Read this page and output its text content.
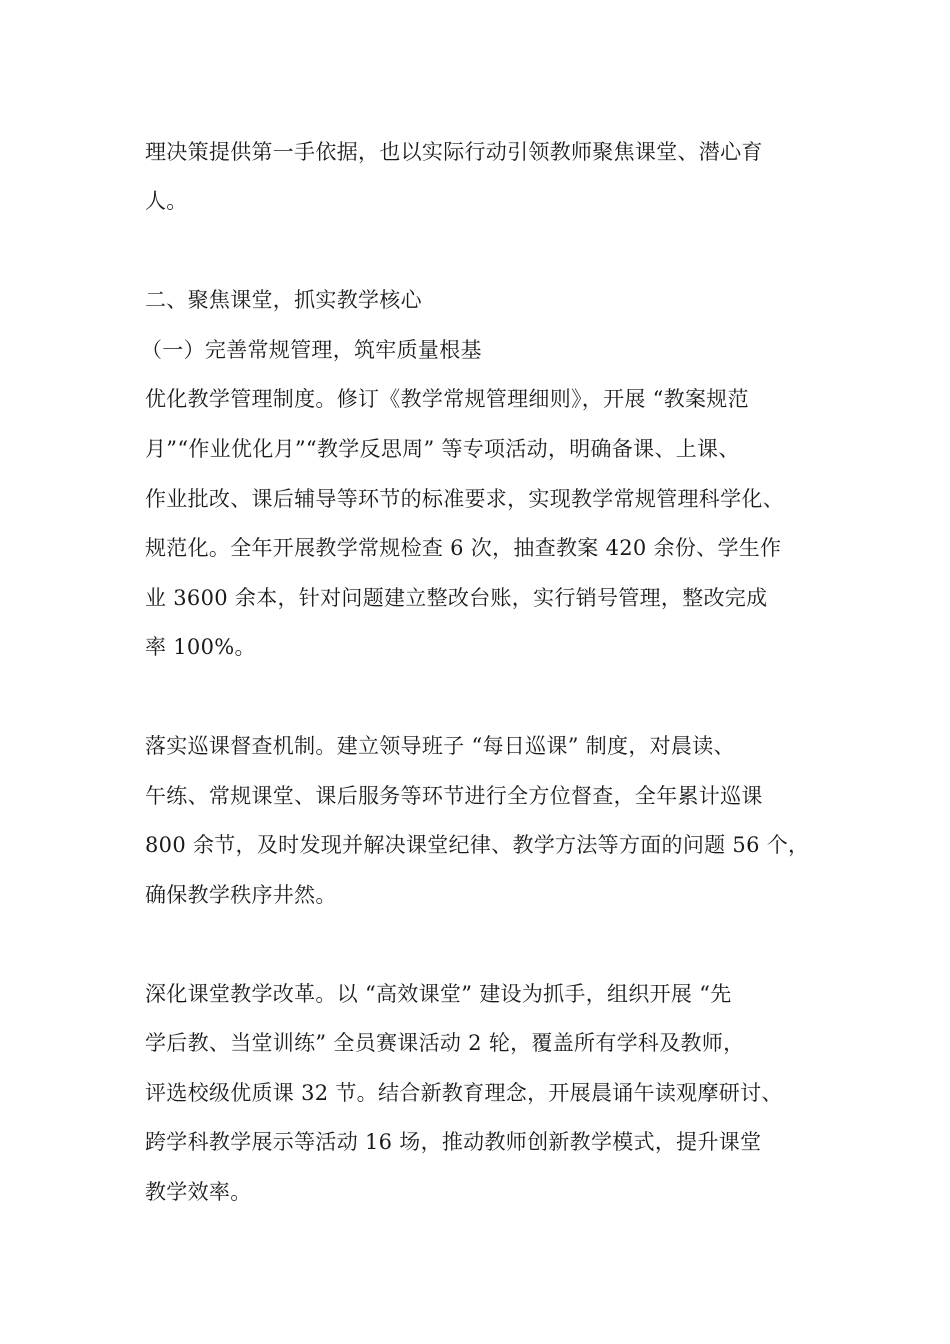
理决策提供第一手依据，也以实际行动引领教师聚焦课堂、潜心育
人。
二、聚焦课堂，抓实教学核心
（一）完善常规管理，筑牢质量根基
优化教学管理制度。修订《教学常规管理细则》，开展 “教案规范
月”“作业优化月”“教学反思周” 等专项活动，明确备课、上课、
作业批改、课后辅导等环节的标准要求，实现教学常规管理科学化、
规范化。全年开展教学常规检查 6 次，抽查教案 420 余份、学生作
业 3600 余本，针对问题建立整改台账，实行销号管理，整改完成
率 100%。
落实巡课督查机制。建立领导班子 “每日巡课” 制度，对晨读、
午练、常规课堂、课后服务等环节进行全方位督查，全年累计巡课
800 余节，及时发现并解决课堂纪律、教学方法等方面的问题 56 个，
确保教学秩序井然。
深化课堂教学改革。以 “高效课堂” 建设为抓手，组织开展 “先
学后教、当堂训练” 全员赛课活动 2 轮，覆盖所有学科及教师，
评选校级优质课 32 节。结合新教育理念，开展晨诵午读观摩研讨、
跨学科教学展示等活动 16 场，推动教师创新教学模式，提升课堂
教学效率。
